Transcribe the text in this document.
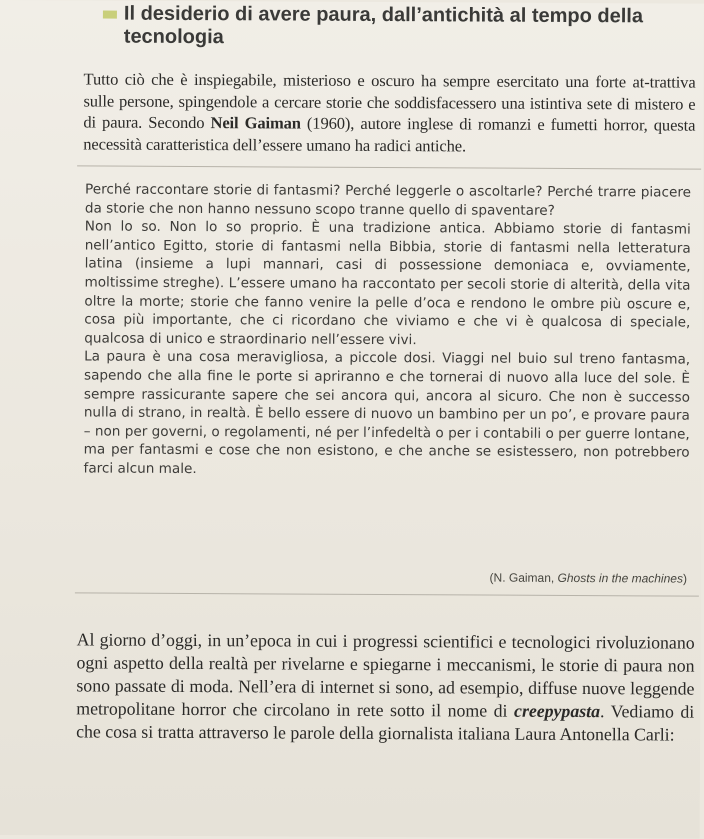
Il desiderio di avere paura, dall’antichità al tempo della tecnologia
Tutto ciò che è inspiegabile, misterioso e oscuro ha sempre esercitato una forte at-trattiva sulle persone, spingendole a cercare storie che soddisfacessero una istintiva sete di mistero e di paura. Secondo Neil Gaiman (1960), autore inglese di romanzi e fumetti horror, questa necessità caratteristica dell’essere umano ha radici antiche.

Perché raccontare storie di fantasmi? Perché leggerle o ascoltarle? Perché trarre piacere da storie che non hanno nessuno scopo tranne quello di spaventare?

Non lo so. Non lo so proprio. È una tradizione antica. Abbiamo storie di fantasmi nell’antico Egitto, storie di fantasmi nella Bibbia, storie di fantasmi nella letteratura latina (insieme a lupi mannari, casi di possessione demoniaca e, ovviamente, moltissime streghe). L’essere umano ha raccontato per secoli storie di alterità, della vita oltre la morte; storie che fanno venire la pelle d’oca e rendono le ombre più oscure e, cosa più importante, che ci ricordano che viviamo e che vi è qualcosa di speciale, qualcosa di unico e straordinario nell’essere vivi.

La paura è una cosa meravigliosa, a piccole dosi. Viaggi nel buio sul treno fantasma, sapendo che alla fine le porte si apriranno e che tornerai di nuovo alla luce del sole. È sempre rassicurante sapere che sei ancora qui, ancora al sicuro. Che non è successo nulla di strano, in realtà. È bello essere di nuovo un bambino per un po’, e provare paura – non per governi, o regolamenti, né per l’infedeltà o per i contabili o per guerre lontane, ma per fantasmi e cose che non esistono, e che anche se esistessero, non potrebbero farci alcun male.

(N. Gaiman, Ghosts in the machines)
Al giorno d’oggi, in un’epoca in cui i progressi scientifici e tecnologici rivoluzionano ogni aspetto della realtà per rivelarne e spiegarne i meccanismi, le storie di paura non sono passate di moda. Nell’era di internet si sono, ad esempio, diffuse nuove leggende metropolitane horror che circolano in rete sotto il nome di creepypasta. Vediamo di che cosa si tratta attraverso le parole della giornalista italiana Laura Antonella Carli:
